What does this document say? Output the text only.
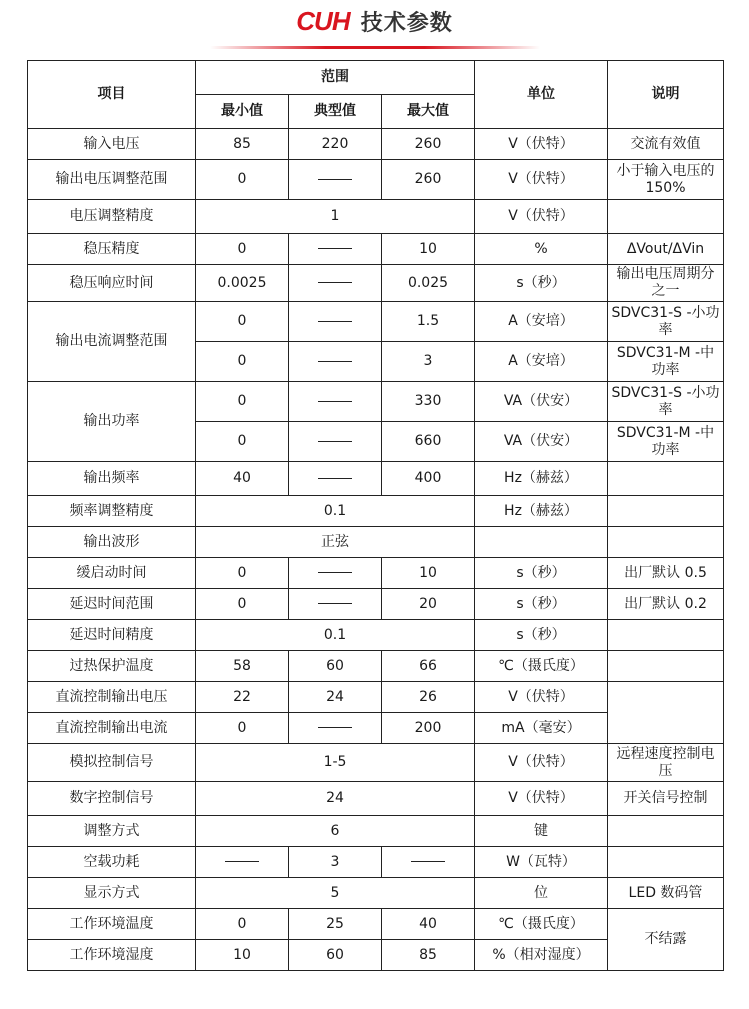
CUH 技术参数
项目	范围			单位	说明
	最小值	典型值	最大值		
输入电压	85	220	260	V（伏特）	交流有效值
输出电压调整范围	0		260	V（伏特）	小于输入电压的 150%
电压调整精度	1			V（伏特）	
稳压精度	0		10	%	ΔVout/ΔVin
稳压响应时间	0.0025		0.025	s（秒）	输出电压周期分之一
输出电流调整范围	0		1.5	A（安培）	SDVC31-S -小功率
	0		3	A（安培）	SDVC31-M -中功率
输出功率	0		330	VA（伏安）	SDVC31-S -小功率
	0		660	VA（伏安）	SDVC31-M -中功率
输出频率	40		400	Hz（赫兹）	
频率调整精度	0.1			Hz（赫兹）	
输出波形	正弦				
缓启动时间	0		10	s（秒）	出厂默认 0.5
延迟时间范围	0		20	s（秒）	出厂默认 0.2
延迟时间精度	0.1			s（秒）	
过热保护温度	58	60	66	℃（摄氏度）	
直流控制输出电压	22	24	26	V（伏特）	
直流控制输出电流	0		200	mA（毫安）	
模拟控制信号	1-5			V（伏特）	远程速度控制电压
数字控制信号	24			V（伏特）	开关信号控制
调整方式	6			键	
空载功耗		3		W（瓦特）	
显示方式	5			位	LED 数码管
工作环境温度	0	25	40	℃（摄氏度）	不结露
工作环境湿度	10	60	85	%（相对湿度）	
